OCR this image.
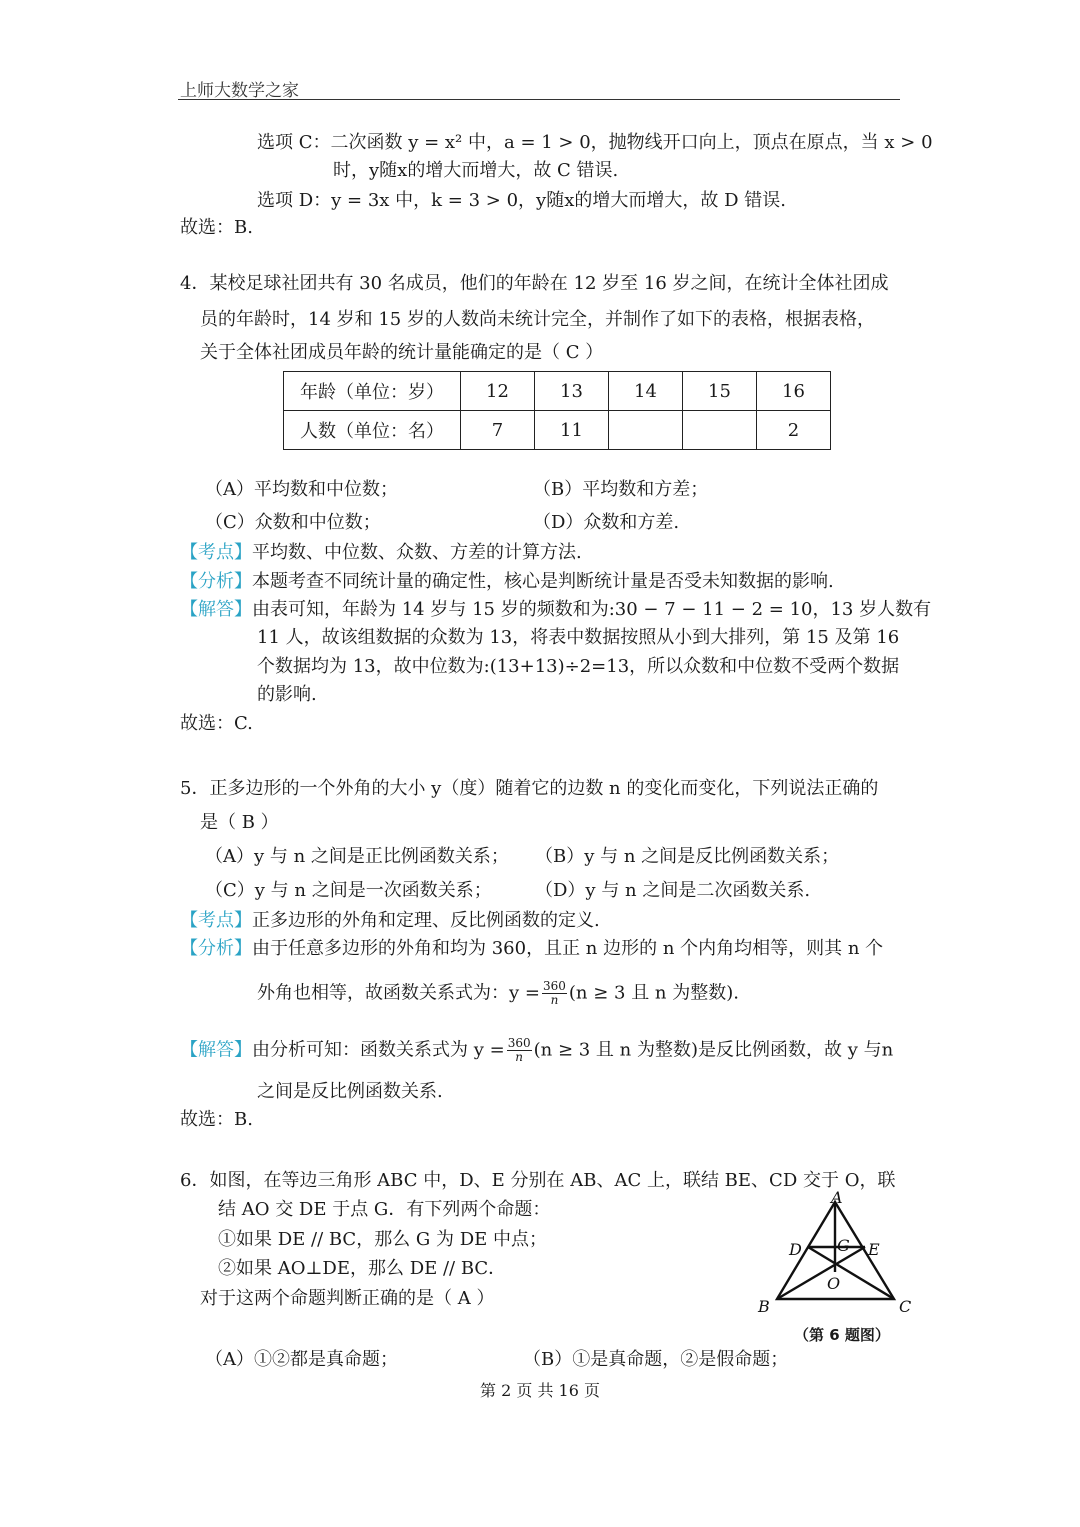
上师大数学之家
选项 C：二次函数 y = x² 中，a = 1 > 0，抛物线开口向上，顶点在原点，当 x > 0
时，y随x的增大而增大，故 C 错误.
选项 D：y = 3x 中，k = 3 > 0，y随x的增大而增大，故 D 错误.
故选：B.
4．某校足球社团共有 30 名成员，他们的年龄在 12 岁至 16 岁之间，在统计全体社团成
员的年龄时，14 岁和 15 岁的人数尚未统计完全，并制作了如下的表格，根据表格，
关于全体社团成员年龄的统计量能确定的是（ C ）
年龄（单位：岁）	12	13	14	15	16
人数（单位：名）	7	11			2
（A）平均数和中位数；	（B）平均数和方差；
（C）众数和中位数；	（D）众数和方差.
【考点】平均数、中位数、众数、方差的计算方法.
【分析】本题考查不同统计量的确定性，核心是判断统计量是否受未知数据的影响.
【解答】由表可知，年龄为 14 岁与 15 岁的频数和为:30 − 7 − 11 − 2 = 10，13 岁人数有
11 人，故该组数据的众数为 13，将表中数据按照从小到大排列，第 15 及第 16
个数据均为 13，故中位数为:(13+13)÷2=13，所以众数和中位数不受两个数据
的影响.
故选：C.
5．正多边形的一个外角的大小 y（度）随着它的边数 n 的变化而变化，下列说法正确的
是（ B ）
（A）y 与 n 之间是正比例函数关系； （B）y 与 n 之间是反比例函数关系；
（C）y 与 n 之间是一次函数关系； （D）y 与 n 之间是二次函数关系.
【考点】正多边形的外角和定理、反比例函数的定义.
【分析】由于任意多边形的外角和均为 360，且正 n 边形的 n 个内角均相等，则其 n 个
外角也相等，故函数关系式为：$y = \frac{360}{n} (n \ge 3$ 且 n 为整数).
【解答】由分析可知：函数关系式为 $y = \frac{360}{n} (n \ge 3$ 且 n 为整数)是反比例函数，故 y 与n
之间是反比例函数关系.
故选：B.
6．如图，在等边三角形 ABC 中，D、E 分别在 AB、AC 上，联结 BE、CD 交于 O，联
结 AO 交 DE 于点 G．有下列两个命题：
①如果 DE // BC，那么 G 为 DE 中点；
②如果 AO⊥DE，那么 DE // BC．
对于这两个命题判断正确的是（ A ）
A
B	C
D	E
G
O
（第 6 题图）
（A）①②都是真命题；	（B）①是真命题，②是假命题；
第 2 页 共 16 页
